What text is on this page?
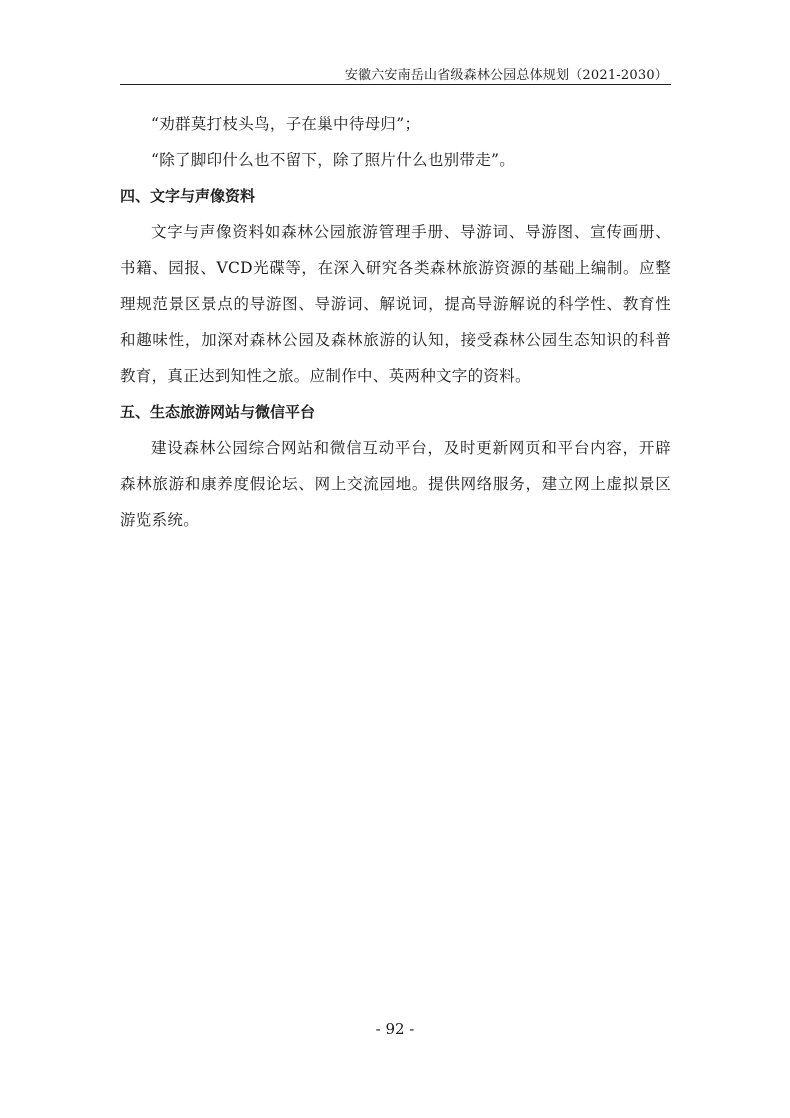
安徽六安南岳山省级森林公园总体规划（2021-2030）

“劝群莫打枝头鸟，子在巢中待母归”；

“除了脚印什么也不留下，除了照片什么也别带走”。

四、文字与声像资料

文字与声像资料如森林公园旅游管理手册、导游词、导游图、宣传画册、书籍、园报、VCD光碟等，在深入研究各类森林旅游资源的基础上编制。应整理规范景区景点的导游图、导游词、解说词，提高导游解说的科学性、教育性和趣味性，加深对森林公园及森林旅游的认知，接受森林公园生态知识的科普教育，真正达到知性之旅。应制作中、英两种文字的资料。

五、生态旅游网站与微信平台

建设森林公园综合网站和微信互动平台，及时更新网页和平台内容，开辟森林旅游和康养度假论坛、网上交流园地。提供网络服务，建立网上虚拟景区游览系统。

- 92 -
